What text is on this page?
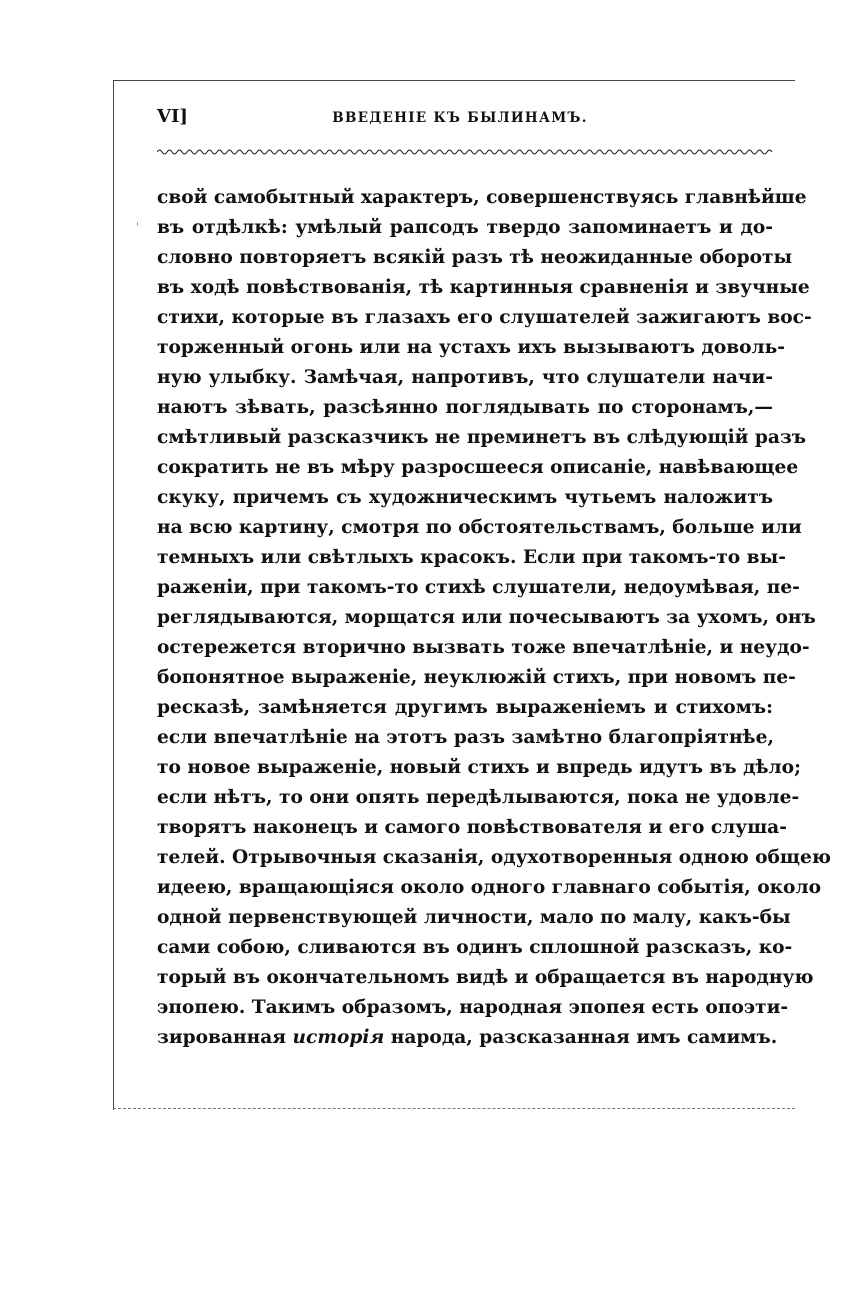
VI]	ВВЕДЕНІЕ КЪ БЫЛИНАМЪ.
'
свой самобытный характеръ, совершенствуясь главнѣйше
въ отдѣлкѣ: умѣлый рапсодъ твердо запоминаетъ и до-
словно повторяетъ всякій разъ тѣ неожиданные обороты
въ ходѣ повѣствованія, тѣ картинныя сравненія и звучные
стихи, которые въ глазахъ его слушателей зажигаютъ вос-
торженный огонь или на устахъ ихъ вызываютъ доволь-
ную улыбку. Замѣчая, напротивъ, что слушатели начи-
наютъ зѣвать, разсѣянно поглядывать по сторонамъ,—
смѣтливый разсказчикъ не преминетъ въ слѣдующій разъ
сократить не въ мѣру разросшееся описаніе, навѣвающее
скуку, причемъ съ художническимъ чутьемъ наложитъ
на всю картину, смотря по обстоятельствамъ, больше или
темныхъ или свѣтлыхъ красокъ. Если при такомъ-то вы-
раженіи, при такомъ-то стихѣ слушатели, недоумѣвая, пе-
реглядываются, морщатся или почесываютъ за ухомъ, онъ
остережется вторично вызвать тоже впечатлѣніе, и неудо-
бопонятное выраженіе, неуклюжій стихъ, при новомъ пе-
ресказѣ, замѣняется другимъ выраженіемъ и стихомъ:
если впечатлѣніе на этотъ разъ замѣтно благопріятнѣе,
то новое выраженіе, новый стихъ и впредь идутъ въ дѣло;
если нѣтъ, то они опять передѣлываются, пока не удовле-
творятъ наконецъ и самого повѣствователя и его слуша-
телей. Отрывочныя сказанія, одухотворенныя одною общею
идеею, вращающіяся около одного главнаго событія, около
одной первенствующей личности, мало по малу, какъ-бы
сами собою, сливаются въ одинъ сплошной разсказъ, ко-
торый въ окончательномъ видѣ и обращается въ народную
эпопею. Такимъ образомъ, народная эпопея есть опоэти-
зированная исторія народа, разсказанная имъ самимъ.
